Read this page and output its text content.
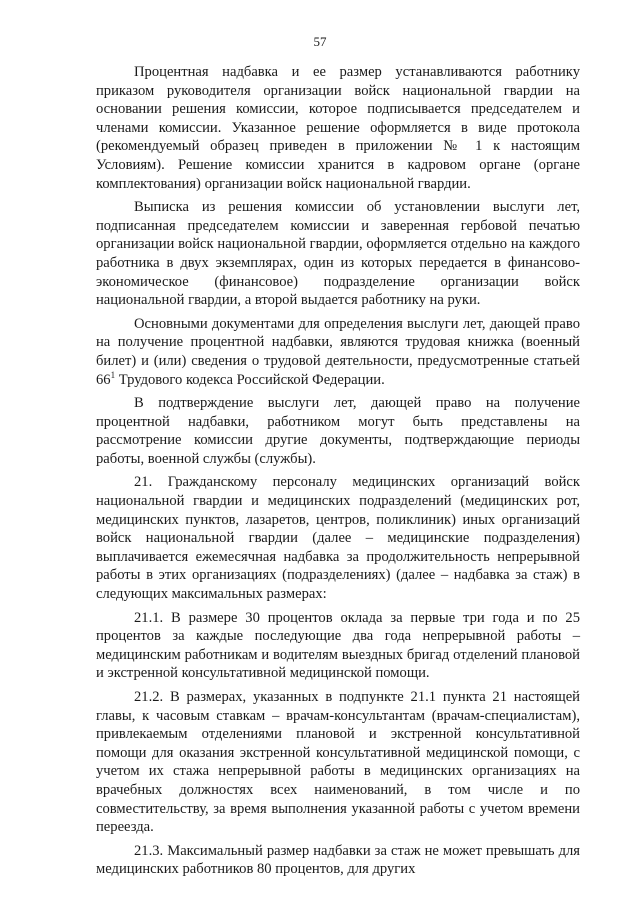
57

Процентная надбавка и ее размер устанавливаются работнику приказом руководителя организации войск национальной гвардии на основании решения комиссии, которое подписывается председателем и членами комиссии. Указанное решение оформляется в виде протокола (рекомендуемый образец приведен в приложении № 1 к настоящим Условиям). Решение комиссии хранится в кадровом органе (органе комплектования) организации войск национальной гвардии.

Выписка из решения комиссии об установлении выслуги лет, подписанная председателем комиссии и заверенная гербовой печатью организации войск национальной гвардии, оформляется отдельно на каждого работника в двух экземплярах, один из которых передается в финансово-экономическое (финансовое) подразделение организации войск национальной гвардии, а второй выдается работнику на руки.

Основными документами для определения выслуги лет, дающей право на получение процентной надбавки, являются трудовая книжка (военный билет) и (или) сведения о трудовой деятельности, предусмотренные статьей $66^1$ Трудового кодекса Российской Федерации.

В подтверждение выслуги лет, дающей право на получение процентной надбавки, работником могут быть представлены на рассмотрение комиссии другие документы, подтверждающие периоды работы, военной службы (службы).

21. Гражданскому персоналу медицинских организаций войск национальной гвардии и медицинских подразделений (медицинских рот, медицинских пунктов, лазаретов, центров, поликлиник) иных организаций войск национальной гвардии (далее – медицинские подразделения) выплачивается ежемесячная надбавка за продолжительность непрерывной работы в этих организациях (подразделениях) (далее – надбавка за стаж) в следующих максимальных размерах:

21.1. В размере 30 процентов оклада за первые три года и по 25 процентов за каждые последующие два года непрерывной работы – медицинским работникам и водителям выездных бригад отделений плановой и экстренной консультативной медицинской помощи.

21.2. В размерах, указанных в подпункте 21.1 пункта 21 настоящей главы, к часовым ставкам – врачам-консультантам (врачам-специалистам), привлекаемым отделениями плановой и экстренной консультативной помощи для оказания экстренной консультативной медицинской помощи, с учетом их стажа непрерывной работы в медицинских организациях на врачебных должностях всех наименований, в том числе и по совместительству, за время выполнения указанной работы с учетом времени переезда.

21.3. Максимальный размер надбавки за стаж не может превышать для медицинских работников 80 процентов, для других
